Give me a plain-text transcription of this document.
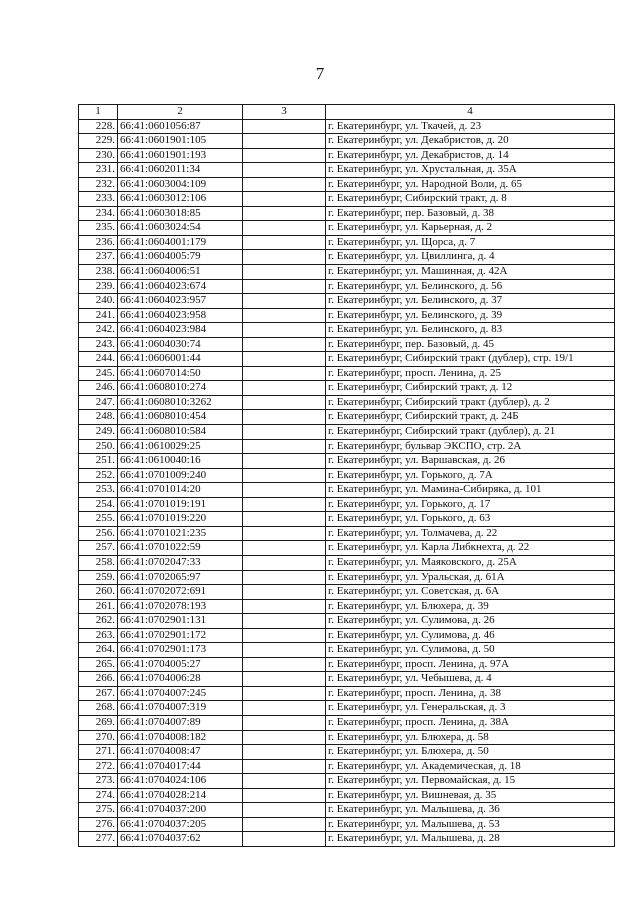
7
1	2	3	4
228.	66:41:0601056:87		г. Екатеринбург, ул. Ткачей, д. 23
229.	66:41:0601901:105		г. Екатеринбург, ул. Декабристов, д. 20
230.	66:41:0601901:193		г. Екатеринбург, ул. Декабристов, д. 14
231.	66:41:0602011:34		г. Екатеринбург, ул. Хрустальная, д. 35А
232.	66:41:0603004:109		г. Екатеринбург, ул. Народной Воли, д. 65
233.	66:41:0603012:106		г. Екатеринбург, Сибирский тракт, д. 8
234.	66:41:0603018:85		г. Екатеринбург, пер. Базовый, д. 38
235.	66:41:0603024:54		г. Екатеринбург, ул. Карьерная, д. 2
236.	66:41:0604001:179		г. Екатеринбург, ул. Щорса, д. 7
237.	66:41:0604005:79		г. Екатеринбург, ул. Цвиллинга, д. 4
238.	66:41:0604006:51		г. Екатеринбург, ул. Машинная, д. 42А
239.	66:41:0604023:674		г. Екатеринбург, ул. Белинского, д. 56
240.	66:41:0604023:957		г. Екатеринбург, ул. Белинского, д. 37
241.	66:41:0604023:958		г. Екатеринбург, ул. Белинского, д. 39
242.	66:41:0604023:984		г. Екатеринбург, ул. Белинского, д. 83
243.	66:41:0604030:74		г. Екатеринбург, пер. Базовый, д. 45
244.	66:41:0606001:44		г. Екатеринбург, Сибирский тракт (дублер), стр. 19/1
245.	66:41:0607014:50		г. Екатеринбург, просп. Ленина, д. 25
246.	66:41:0608010:274		г. Екатеринбург, Сибирский тракт, д. 12
247.	66:41:0608010:3262		г. Екатеринбург, Сибирский тракт (дублер), д. 2
248.	66:41:0608010:454		г. Екатеринбург, Сибирский тракт, д. 24Б
249.	66:41:0608010:584		г. Екатеринбург, Сибирский тракт (дублер), д. 21
250.	66:41:0610029:25		г. Екатеринбург, бульвар ЭКСПО, стр. 2А
251.	66:41:0610040:16		г. Екатеринбург, ул. Варшавская, д. 26
252.	66:41:0701009:240		г. Екатеринбург, ул. Горького, д. 7А
253.	66:41:0701014:20		г. Екатеринбург, ул. Мамина-Сибиряка, д. 101
254.	66:41:0701019:191		г. Екатеринбург, ул. Горького, д. 17
255.	66:41:0701019:220		г. Екатеринбург, ул. Горького, д. 63
256.	66:41:0701021:235		г. Екатеринбург, ул. Толмачева, д. 22
257.	66:41:0701022:59		г. Екатеринбург, ул. Карла Либкнехта, д. 22
258.	66:41:0702047:33		г. Екатеринбург, ул. Маяковского, д. 25А
259.	66:41:0702065:97		г. Екатеринбург, ул. Уральская, д. 61А
260.	66:41:0702072:691		г. Екатеринбург, ул. Советская, д. 6А
261.	66:41:0702078:193		г. Екатеринбург, ул. Блюхера, д. 39
262.	66:41:0702901:131		г. Екатеринбург, ул. Сулимова, д. 26
263.	66:41:0702901:172		г. Екатеринбург, ул. Сулимова, д. 46
264.	66:41:0702901:173		г. Екатеринбург, ул. Сулимова, д. 50
265.	66:41:0704005:27		г. Екатеринбург, просп. Ленина, д. 97А
266.	66:41:0704006:28		г. Екатеринбург, ул. Чебышева, д. 4
267.	66:41:0704007:245		г. Екатеринбург, просп. Ленина, д. 38
268.	66:41:0704007:319		г. Екатеринбург, ул. Генеральская, д. 3
269.	66:41:0704007:89		г. Екатеринбург, просп. Ленина, д. 38А
270.	66:41:0704008:182		г. Екатеринбург, ул. Блюхера, д. 58
271.	66:41:0704008:47		г. Екатеринбург, ул. Блюхера, д. 50
272.	66:41:0704017:44		г. Екатеринбург, ул. Академическая, д. 18
273.	66:41:0704024:106		г. Екатеринбург, ул. Первомайская, д. 15
274.	66:41:0704028:214		г. Екатеринбург, ул. Вишневая, д. 35
275.	66:41:0704037:200		г. Екатеринбург, ул. Малышева, д. 36
276.	66:41:0704037:205		г. Екатеринбург, ул. Малышева, д. 53
277.	66:41:0704037:62		г. Екатеринбург, ул. Малышева, д. 28
